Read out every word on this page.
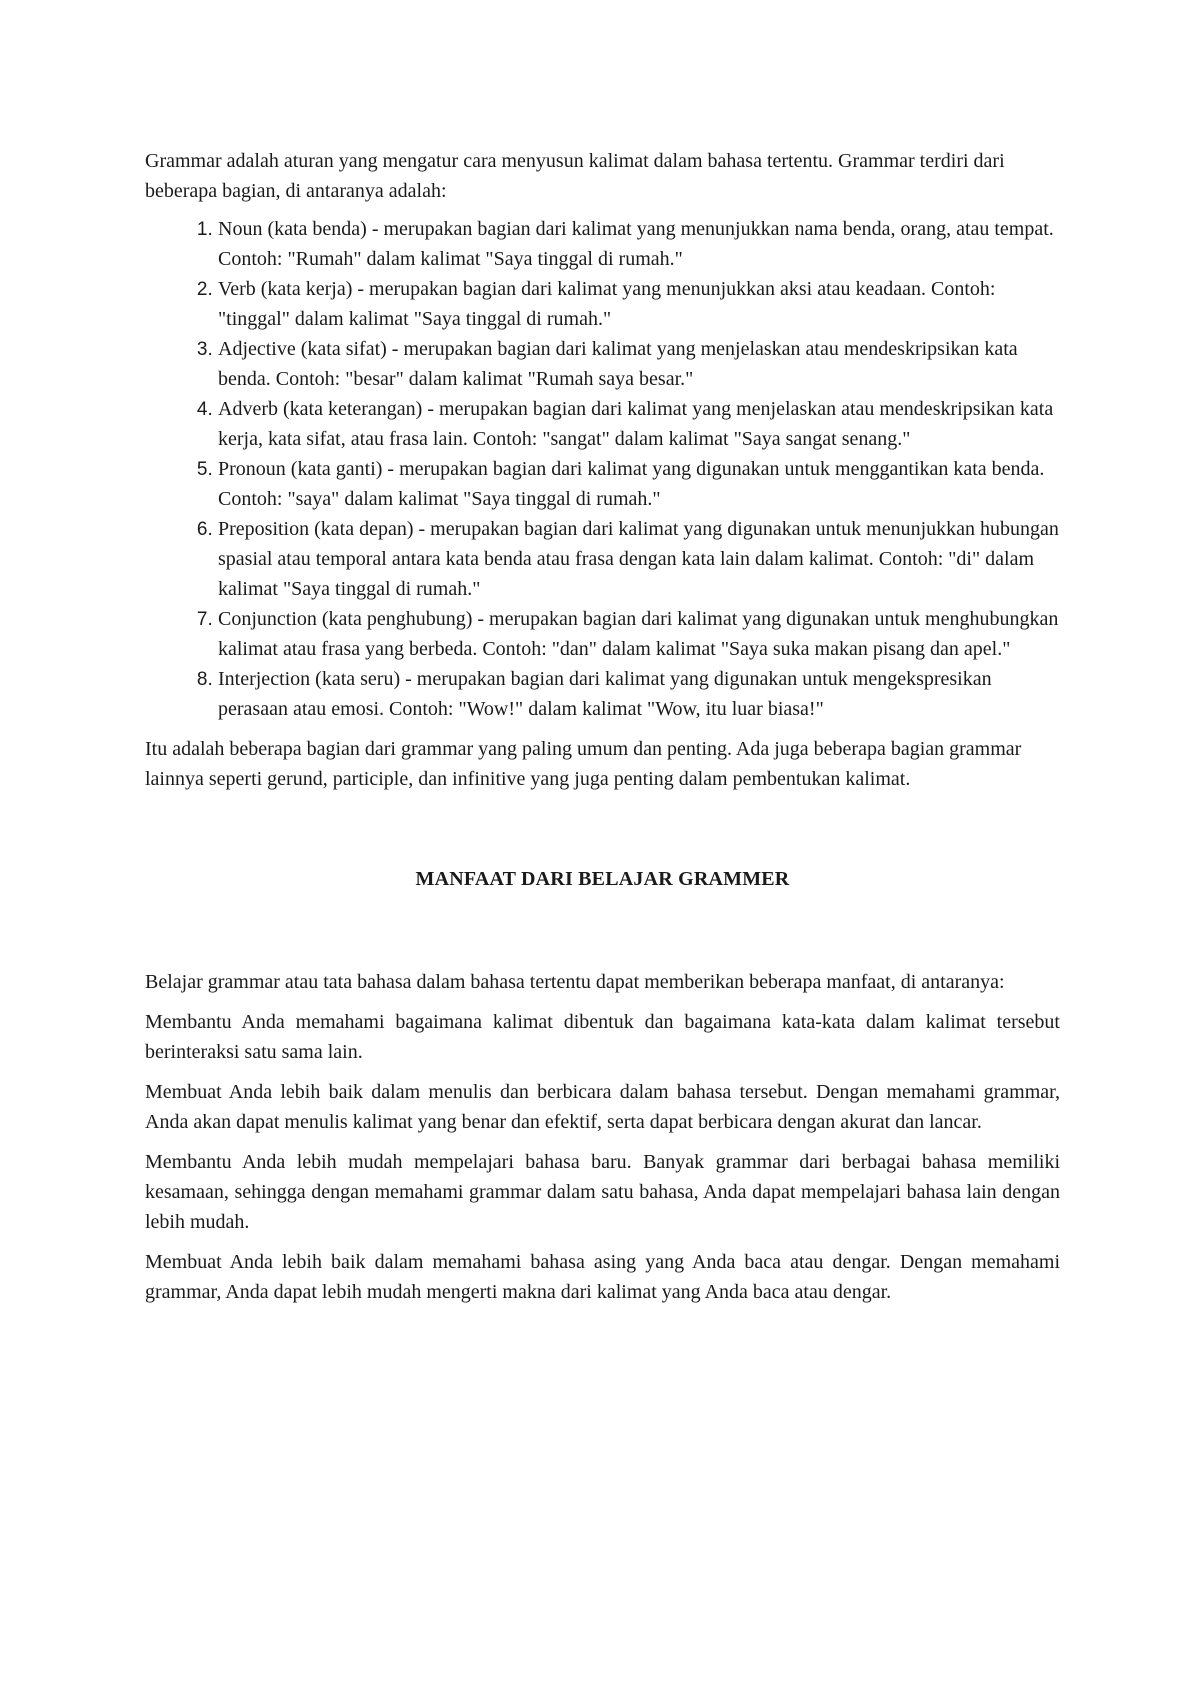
Grammar adalah aturan yang mengatur cara menyusun kalimat dalam bahasa tertentu. Grammar terdiri dari beberapa bagian, di antaranya adalah:

1. Noun (kata benda) - merupakan bagian dari kalimat yang menunjukkan nama benda, orang, atau tempat. Contoh: "Rumah" dalam kalimat "Saya tinggal di rumah."
2. Verb (kata kerja) - merupakan bagian dari kalimat yang menunjukkan aksi atau keadaan. Contoh: "tinggal" dalam kalimat "Saya tinggal di rumah."
3. Adjective (kata sifat) - merupakan bagian dari kalimat yang menjelaskan atau mendeskripsikan kata benda. Contoh: "besar" dalam kalimat "Rumah saya besar."
4. Adverb (kata keterangan) - merupakan bagian dari kalimat yang menjelaskan atau mendeskripsikan kata kerja, kata sifat, atau frasa lain. Contoh: "sangat" dalam kalimat "Saya sangat senang."
5. Pronoun (kata ganti) - merupakan bagian dari kalimat yang digunakan untuk menggantikan kata benda. Contoh: "saya" dalam kalimat "Saya tinggal di rumah."
6. Preposition (kata depan) - merupakan bagian dari kalimat yang digunakan untuk menunjukkan hubungan spasial atau temporal antara kata benda atau frasa dengan kata lain dalam kalimat. Contoh: "di" dalam kalimat "Saya tinggal di rumah."
7. Conjunction (kata penghubung) - merupakan bagian dari kalimat yang digunakan untuk menghubungkan kalimat atau frasa yang berbeda. Contoh: "dan" dalam kalimat "Saya suka makan pisang dan apel."
8. Interjection (kata seru) - merupakan bagian dari kalimat yang digunakan untuk mengekspresikan perasaan atau emosi. Contoh: "Wow!" dalam kalimat "Wow, itu luar biasa!"

Itu adalah beberapa bagian dari grammar yang paling umum dan penting. Ada juga beberapa bagian grammar lainnya seperti gerund, participle, dan infinitive yang juga penting dalam pembentukan kalimat.

MANFAAT DARI BELAJAR GRAMMER

Belajar grammar atau tata bahasa dalam bahasa tertentu dapat memberikan beberapa manfaat, di antaranya:

Membantu Anda memahami bagaimana kalimat dibentuk dan bagaimana kata-kata dalam kalimat tersebut berinteraksi satu sama lain.

Membuat Anda lebih baik dalam menulis dan berbicara dalam bahasa tersebut. Dengan memahami grammar, Anda akan dapat menulis kalimat yang benar dan efektif, serta dapat berbicara dengan akurat dan lancar.

Membantu Anda lebih mudah mempelajari bahasa baru. Banyak grammar dari berbagai bahasa memiliki kesamaan, sehingga dengan memahami grammar dalam satu bahasa, Anda dapat mempelajari bahasa lain dengan lebih mudah.

Membuat Anda lebih baik dalam memahami bahasa asing yang Anda baca atau dengar. Dengan memahami grammar, Anda dapat lebih mudah mengerti makna dari kalimat yang Anda baca atau dengar.
